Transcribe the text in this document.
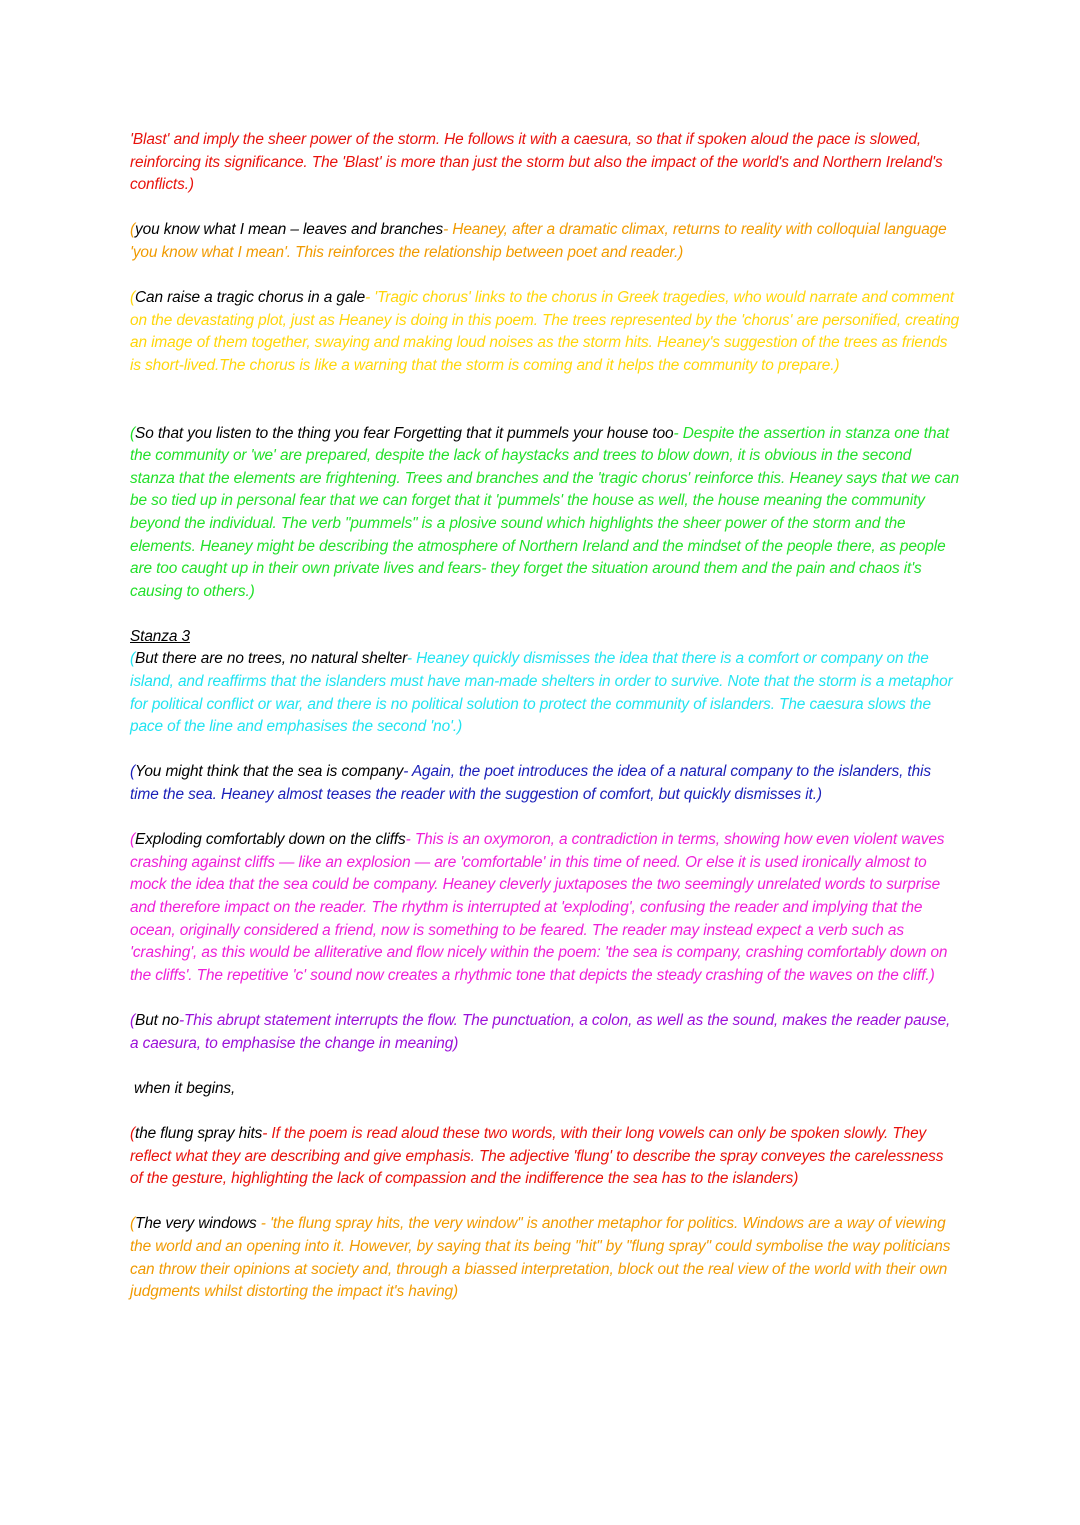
'Blast' and imply the sheer power of the storm. He follows it with a caesura, so that if spoken aloud the pace is slowed, reinforcing its significance. The 'Blast' is more than just the storm but also the impact of the world's and Northern Ireland's conflicts.)

(you know what I mean – leaves and branches- Heaney, after a dramatic climax, returns to reality with colloquial language 'you know what I mean'. This reinforces the relationship between poet and reader.)

(Can raise a tragic chorus in a gale- 'Tragic chorus' links to the chorus in Greek tragedies, who would narrate and comment on the devastating plot, just as Heaney is doing in this poem. The trees represented by the 'chorus' are personified, creating an image of them together, swaying and making loud noises as the storm hits. Heaney's suggestion of the trees as friends is short-lived.The chorus is like a warning that the storm is coming and it helps the community to prepare.)

(So that you listen to the thing you fear Forgetting that it pummels your house too- Despite the assertion in stanza one that the community or 'we' are prepared, despite the lack of haystacks and trees to blow down, it is obvious in the second stanza that the elements are frightening. Trees and branches and the 'tragic chorus' reinforce this. Heaney says that we can be so tied up in personal fear that we can forget that it 'pummels' the house as well, the house meaning the community beyond the individual. The verb "pummels" is a plosive sound which highlights the sheer power of the storm and the elements. Heaney might be describing the atmosphere of Northern Ireland and the mindset of the people there, as people are too caught up in their own private lives and fears- they forget the situation around them and the pain and chaos it's causing to others.)

Stanza 3
(But there are no trees, no natural shelter- Heaney quickly dismisses the idea that there is a comfort or company on the island, and reaffirms that the islanders must have man-made shelters in order to survive. Note that the storm is a metaphor for political conflict or war, and there is no political solution to protect the community of islanders. The caesura slows the pace of the line and emphasises the second 'no'.)

(You might think that the sea is company- Again, the poet introduces the idea of a natural company to the islanders, this time the sea. Heaney almost teases the reader with the suggestion of comfort, but quickly dismisses it.)

(Exploding comfortably down on the cliffs- This is an oxymoron, a contradiction in terms, showing how even violent waves crashing against cliffs — like an explosion — are 'comfortable' in this time of need. Or else it is used ironically almost to mock the idea that the sea could be company. Heaney cleverly juxtaposes the two seemingly unrelated words to surprise and therefore impact on the reader. The rhythm is interrupted at 'exploding', confusing the reader and implying that the ocean, originally considered a friend, now is something to be feared. The reader may instead expect a verb such as 'crashing', as this would be alliterative and flow nicely within the poem: 'the sea is company, crashing comfortably down on the cliffs'. The repetitive 'c' sound now creates a rhythmic tone that depicts the steady crashing of the waves on the cliff.)

(But no-This abrupt statement interrupts the flow. The punctuation, a colon, as well as the sound, makes the reader pause, a caesura, to emphasise the change in meaning)

when it begins,

(the flung spray hits- If the poem is read aloud these two words, with their long vowels can only be spoken slowly. They reflect what they are describing and give emphasis. The adjective 'flung' to describe the spray conveyes the carelessness of the gesture, highlighting the lack of compassion and the indifference the sea has to the islanders)

(The very windows - 'the flung spray hits, the very window" is another metaphor for politics. Windows are a way of viewing the world and an opening into it. However, by saying that its being "hit" by "flung spray" could symbolise the way politicians can throw their opinions at society and, through a biassed interpretation, block out the real view of the world with their own judgments whilst distorting the impact it's having)
